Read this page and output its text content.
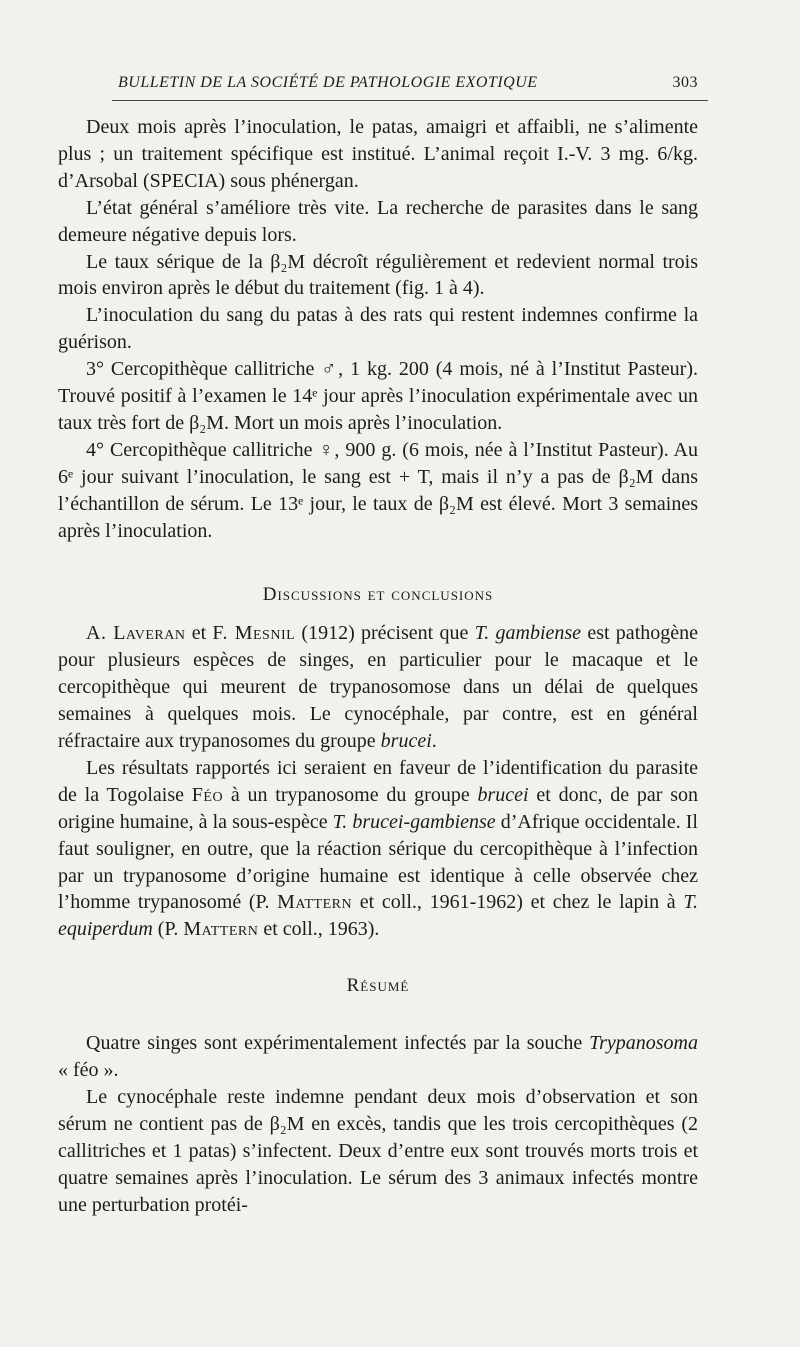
BULLETIN DE LA SOCIÉTÉ DE PATHOLOGIE EXOTIQUE	303

Deux mois après l’inoculation, le patas, amaigri et affaibli, ne s’alimente plus ; un traitement spécifique est institué. L’animal reçoit I.-V. 3 mg. 6/kg. d’Arsobal (SPECIA) sous phénergan.

L’état général s’améliore très vite. La recherche de parasites dans le sang demeure négative depuis lors.

Le taux sérique de la β₂M décroît régulièrement et redevient normal trois mois environ après le début du traitement (fig. 1 à 4).

L’inoculation du sang du patas à des rats qui restent indemnes confirme la guérison.

3° Cercopithèque callitriche ♂, 1 kg. 200 (4 mois, né à l’Institut Pasteur). Trouvé positif à l’examen le 14ᵉ jour après l’inoculation expérimentale avec un taux très fort de β₂M. Mort un mois après l’inoculation.

4° Cercopithèque callitriche ♀, 900 g. (6 mois, née à l’Institut Pasteur). Au 6ᵉ jour suivant l’inoculation, le sang est + T, mais il n’y a pas de β₂M dans l’échantillon de sérum. Le 13ᵉ jour, le taux de β₂M est élevé. Mort 3 semaines après l’inoculation.

Discussions et conclusions

A. Laveran et F. Mesnil (1912) précisent que T. gambiense est pathogène pour plusieurs espèces de singes, en particulier pour le macaque et le cercopithèque qui meurent de trypanosomose dans un délai de quelques semaines à quelques mois. Le cynocéphale, par contre, est en général réfractaire aux trypanosomes du groupe brucei.

Les résultats rapportés ici seraient en faveur de l’identification du parasite de la Togolaise Féo à un trypanosome du groupe brucei et donc, de par son origine humaine, à la sous-espèce T. brucei-gambiense d’Afrique occidentale. Il faut souligner, en outre, que la réaction sérique du cercopithèque à l’infection par un trypanosome d’origine humaine est identique à celle observée chez l’homme trypanosomé (P. Mattern et coll., 1961-1962) et chez le lapin à T. equiperdum (P. Mattern et coll., 1963).

Résumé

Quatre singes sont expérimentalement infectés par la souche Trypanosoma « féo ».

Le cynocéphale reste indemne pendant deux mois d’observation et son sérum ne contient pas de β₂M en excès, tandis que les trois cercopithèques (2 callitriches et 1 patas) s’infectent. Deux d’entre eux sont trouvés morts trois et quatre semaines après l’inoculation. Le sérum des 3 animaux infectés montre une perturbation protéi-
